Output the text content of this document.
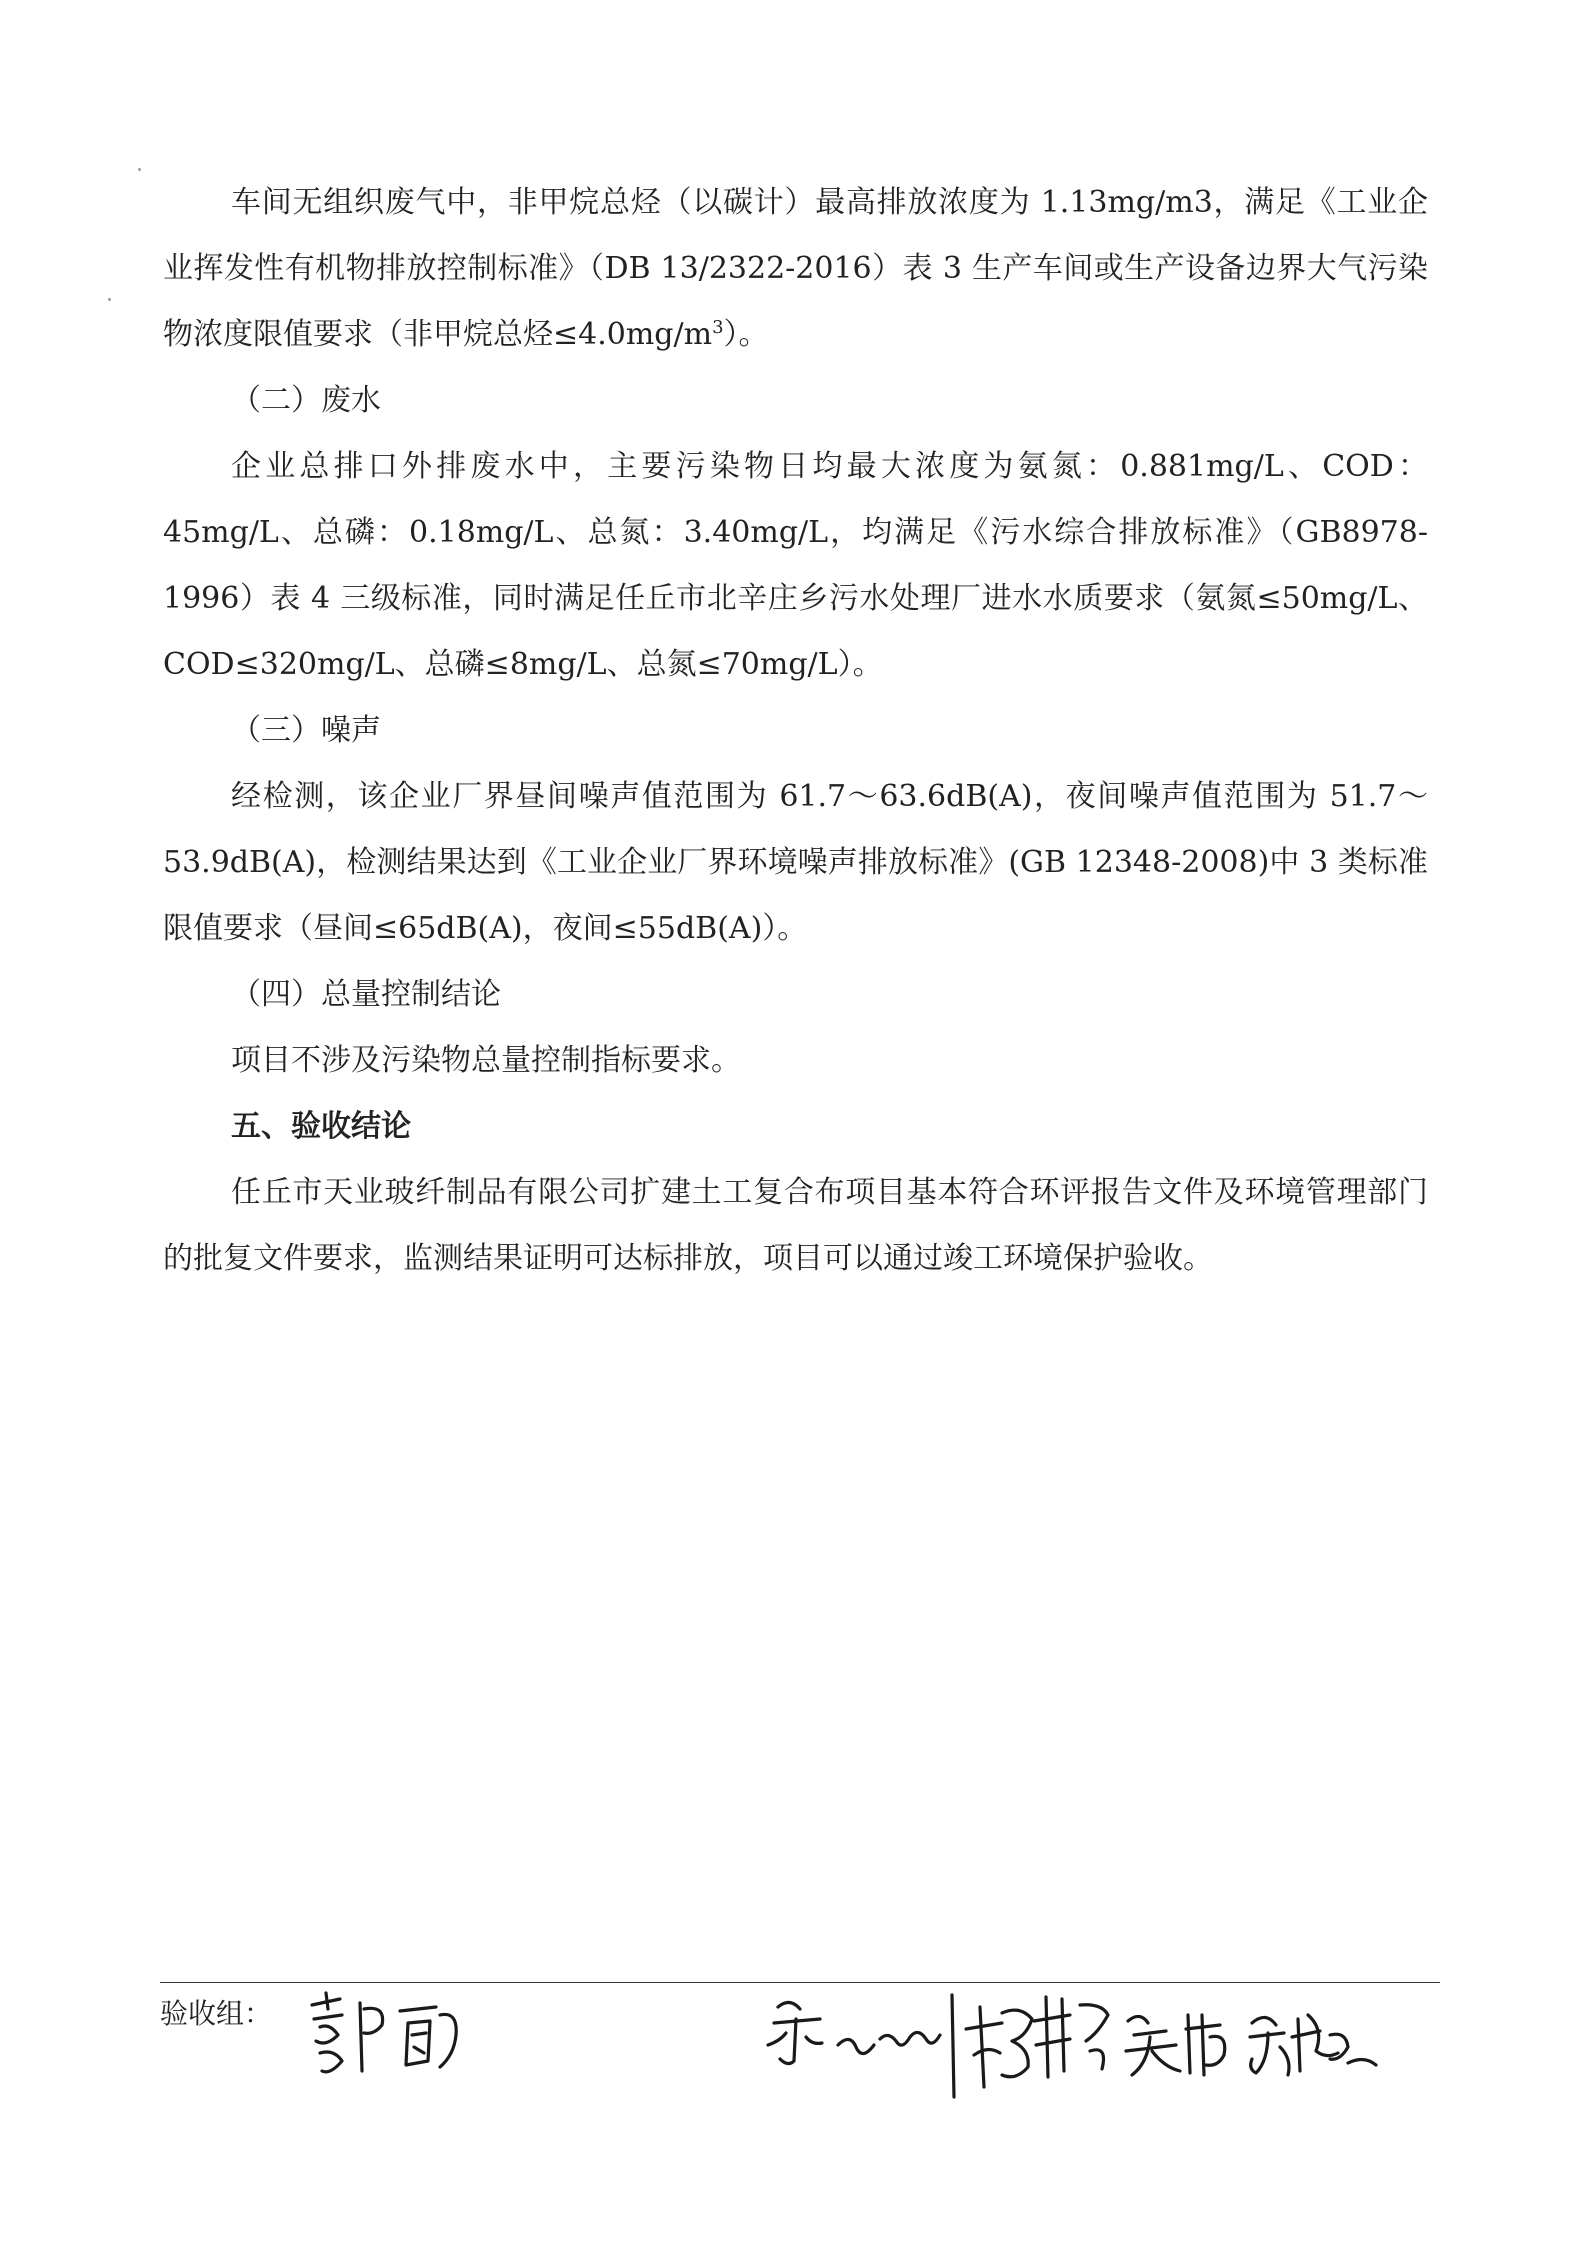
车间无组织废气中，非甲烷总烃（以碳计）最高排放浓度为 1.13mg/m3，满足《工业企业挥发性有机物排放控制标准》（DB 13/2322-2016）表 3 生产车间或生产设备边界大气污染物浓度限值要求（非甲烷总烃$\le 4.0mg/m^3$）。

（二）废水

企业总排口外排废水中，主要污染物日均最大浓度为氨氮：0.881mg/L、COD：45mg/L、总磷：0.18mg/L、总氮：3.40mg/L，均满足《污水综合排放标准》（GB8978-1996）表 4 三级标准，同时满足任丘市北辛庄乡污水处理厂进水水质要求（氨氮≤50mg/L、COD≤320mg/L、总磷≤8mg/L、总氮≤70mg/L）。

（三）噪声

经检测，该企业厂界昼间噪声值范围为 61.7～63.6dB(A)，夜间噪声值范围为 51.7～53.9dB(A)，检测结果达到《工业企业厂界环境噪声排放标准》(GB 12348-2008)中 3 类标准限值要求（昼间≤65dB(A)，夜间≤55dB(A)）。

（四）总量控制结论

项目不涉及污染物总量控制指标要求。

五、验收结论

任丘市天业玻纤制品有限公司扩建土工复合布项目基本符合环评报告文件及环境管理部门的批复文件要求，监测结果证明可达标排放，项目可以通过竣工环境保护验收。

验收组：
